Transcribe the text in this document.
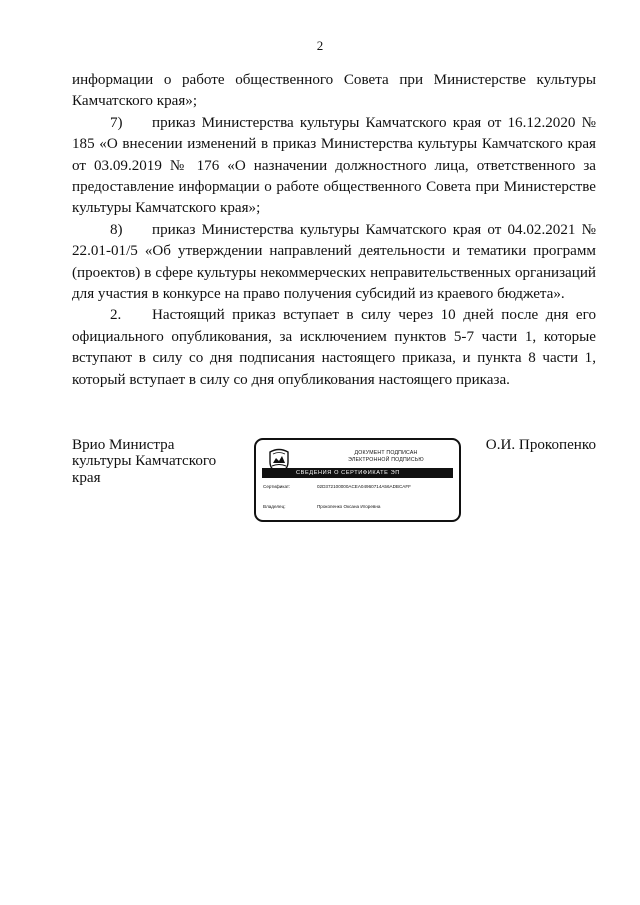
2

информации о работе общественного Совета при Министерстве культуры Камчатского края»;

7) приказ Министерства культуры Камчатского края от 16.12.2020 № 185 «О внесении изменений в приказ Министерства культуры Камчатского края от 03.09.2019 № 176 «О назначении должностного лица, ответственного за предоставление информации о работе общественного Совета при Министерстве культуры Камчатского края»;

8) приказ Министерства культуры Камчатского края от 04.02.2021 № 22.01-01/5 «Об утверждении направлений деятельности и тематики программ (проектов) в сфере культуры некоммерческих неправительственных организаций для участия в конкурсе на право получения субсидий из краевого бюджета».

2. Настоящий приказ вступает в силу через 10 дней после дня его официального опубликования, за исключением пунктов 5-7 части 1, которые вступают в силу со дня подписания настоящего приказа, и пункта 8 части 1, который вступает в силу со дня опубликования настоящего приказа.

Врио Министра
культуры Камчатского
края
ДОКУМЕНТ ПОДПИСАН
ЭЛЕКТРОННОЙ ПОДПИСЬЮ
СВЕДЕНИЯ О СЕРТИФИКАТЕ ЭП
Сертификат:	02D372100000ACEA04960714A56ADBCAFF
Владелец:	Прокопенко Оксана Игоревна
О.И. Прокопенко
